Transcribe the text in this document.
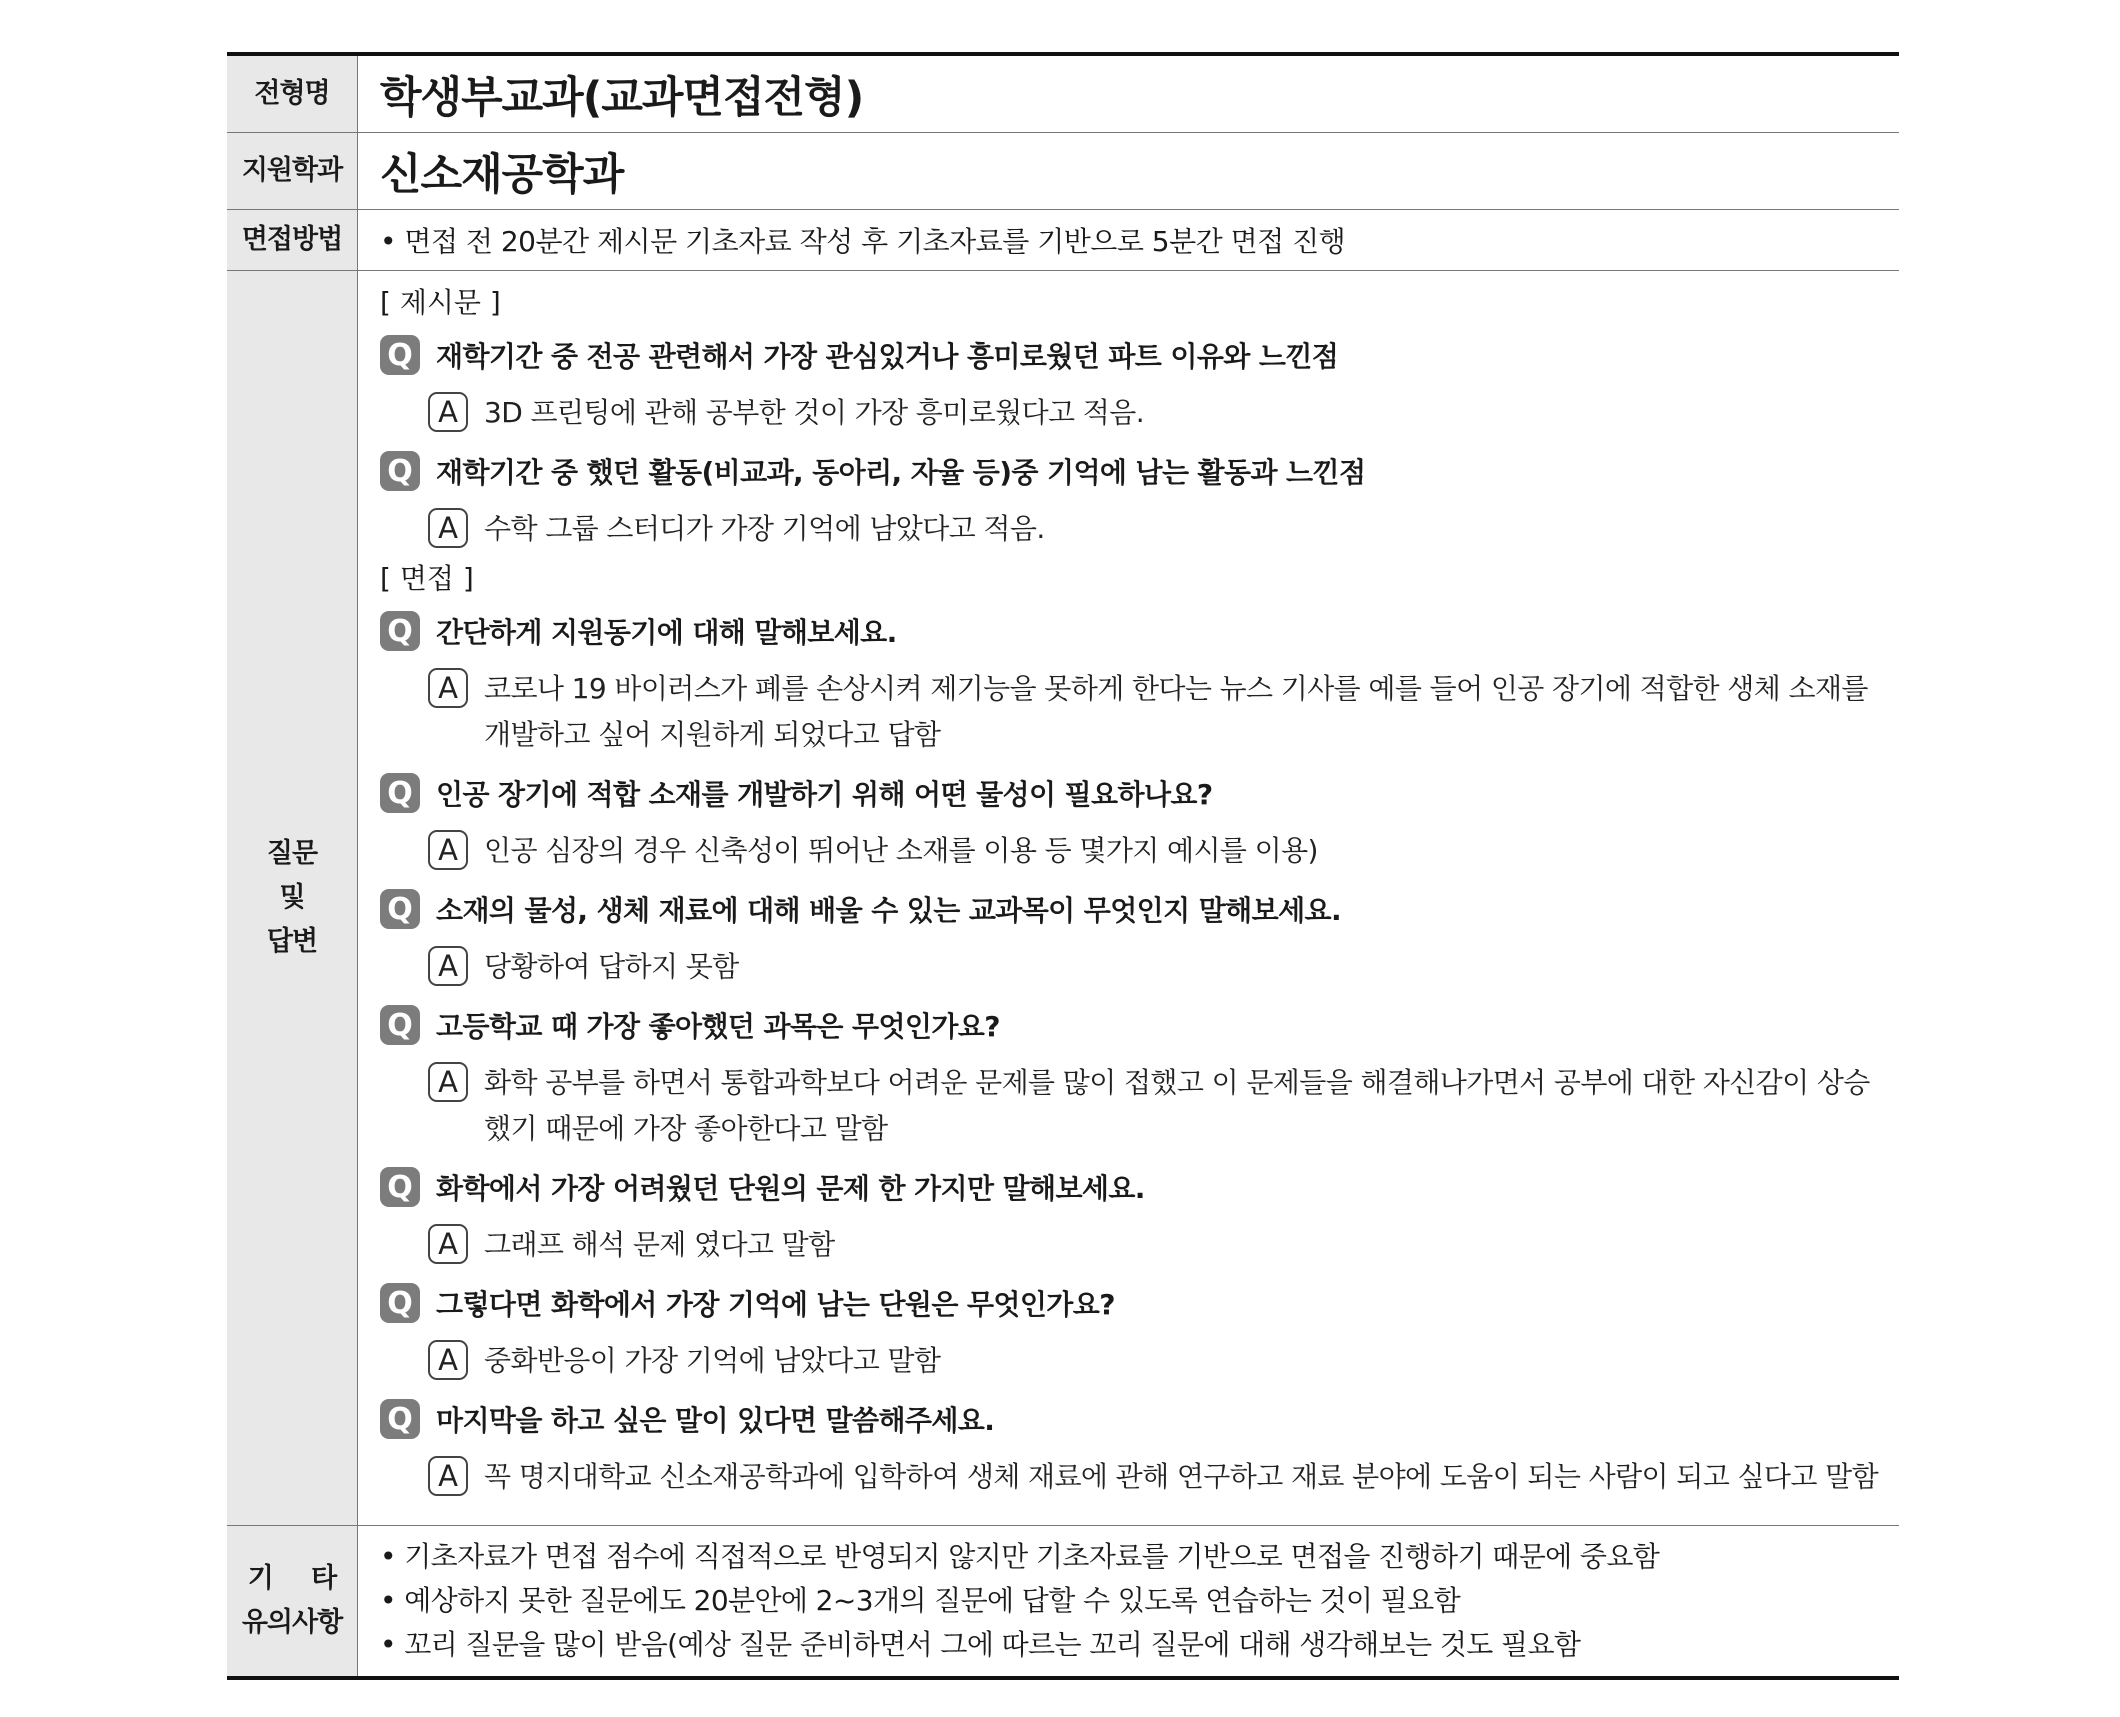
전형명	학생부교과(교과면접전형)
지원학과 신소재공학과
면접방법	• 면접 전 20분간 제시문 기초자료 작성 후 기초자료를 기반으로 5분간 면접 진행
질문
및
답변
[ 제시문 ]
Q 재학기간 중 전공 관련해서 가장 관심있거나 흥미로웠던 파트 이유와 느낀점
A 3D 프린팅에 관해 공부한 것이 가장 흥미로웠다고 적음.
Q 재학기간 중 했던 활동(비교과, 동아리, 자율 등)중 기억에 남는 활동과 느낀점
A 수학 그룹 스터디가 가장 기억에 남았다고 적음.
[ 면접 ]
Q 간단하게 지원동기에 대해 말해보세요.
A 코로나 19 바이러스가 폐를 손상시켜 제기능을 못하게 한다는 뉴스 기사를 예를 들어 인공 장기에 적합한 생체 소재를 개발하고 싶어 지원하게 되었다고 답함
Q 인공 장기에 적합 소재를 개발하기 위해 어떤 물성이 필요하나요?
A 인공 심장의 경우 신축성이 뛰어난 소재를 이용 등 몇가지 예시를 이용)
Q 소재의 물성, 생체 재료에 대해 배울 수 있는 교과목이 무엇인지 말해보세요.
A 당황하여 답하지 못함
Q 고등학교 때 가장 좋아했던 과목은 무엇인가요?
A 화학 공부를 하면서 통합과학보다 어려운 문제를 많이 접했고 이 문제들을 해결해나가면서 공부에 대한 자신감이 상승했기 때문에 가장 좋아한다고 말함
Q 화학에서 가장 어려웠던 단원의 문제 한 가지만 말해보세요.
A 그래프 해석 문제 였다고 말함
Q 그렇다면 화학에서 가장 기억에 남는 단원은 무엇인가요?
A 중화반응이 가장 기억에 남았다고 말함
Q 마지막을 하고 싶은 말이 있다면 말씀해주세요.
A 꼭 명지대학교 신소재공학과에 입학하여 생체 재료에 관해 연구하고 재료 분야에 도움이 되는 사람이 되고 싶다고 말함
기 타
유의사항
• 기초자료가 면접 점수에 직접적으로 반영되지 않지만 기초자료를 기반으로 면접을 진행하기 때문에 중요함
• 예상하지 못한 질문에도 20분안에 2~3개의 질문에 답할 수 있도록 연습하는 것이 필요함
• 꼬리 질문을 많이 받음(예상 질문 준비하면서 그에 따르는 꼬리 질문에 대해 생각해보는 것도 필요함
